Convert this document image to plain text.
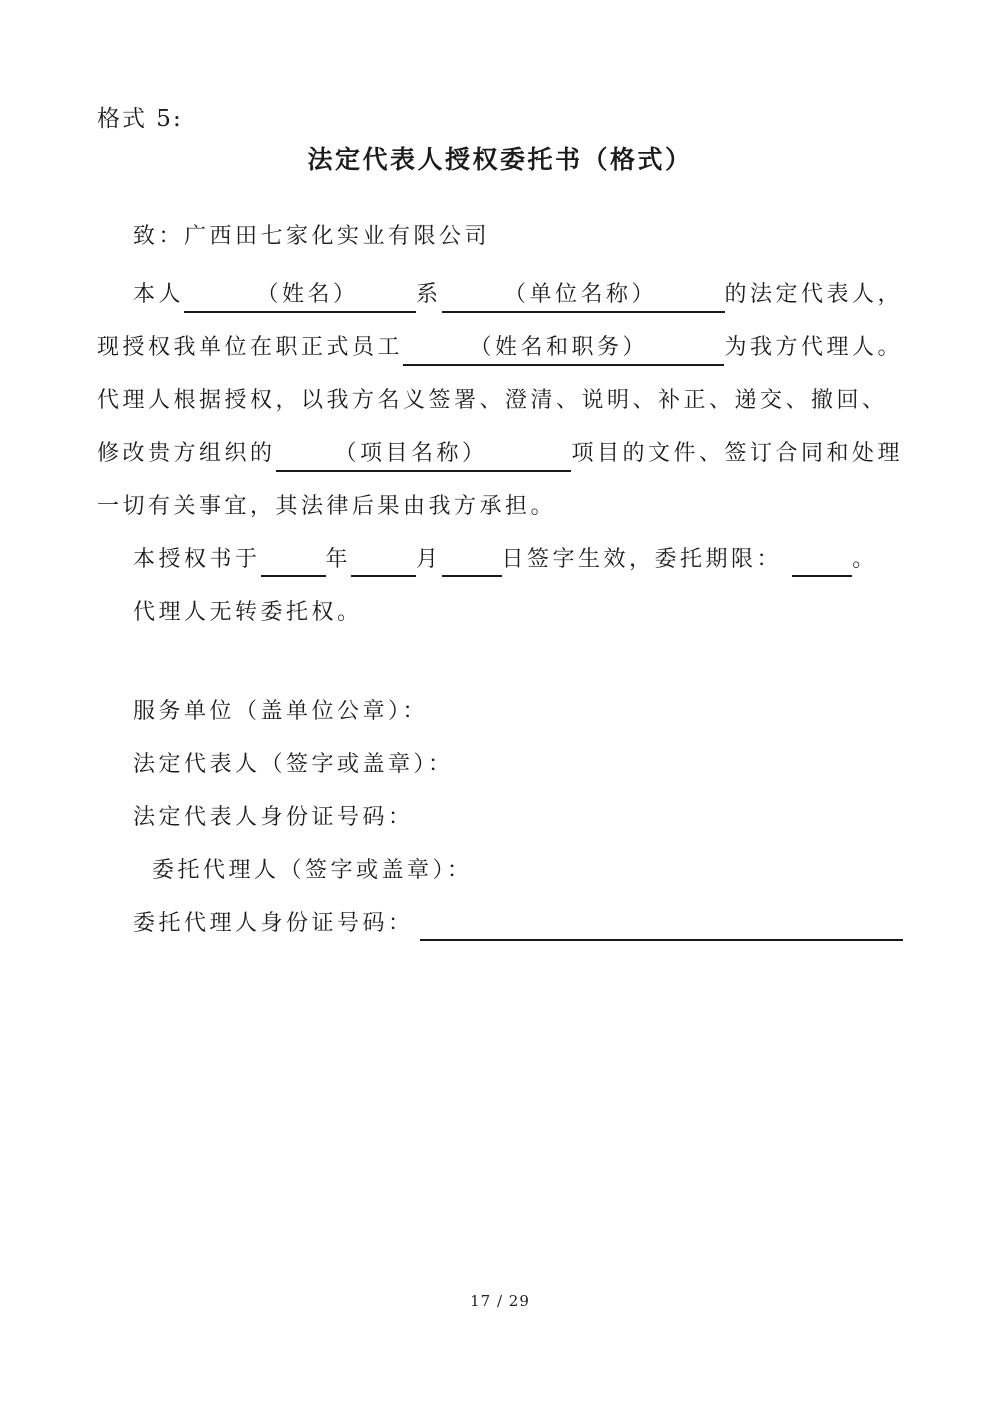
格式 5:
法定代表人授权委托书（格式）
致：广西田七家化实业有限公司
本人	（姓名）	系	（单位名称）	的法定代表人，
现授权我单位在职正式员工	（姓名和职务）	为我方代理人。
代理人根据授权，以我方名义签署、澄清、说明、补正、递交、撤回、
修改贵方组织的	（项目名称）	项目的文件、签订合同和处理
一切有关事宜，其法律后果由我方承担。
本授权书于	年	月	日签字生效，委托期限：	。
代理人无转委托权。
服务单位（盖单位公章）：
法定代表人（签字或盖章）：
法定代表人身份证号码：
委托代理人（签字或盖章）：
委托代理人身份证号码：

17 / 29
